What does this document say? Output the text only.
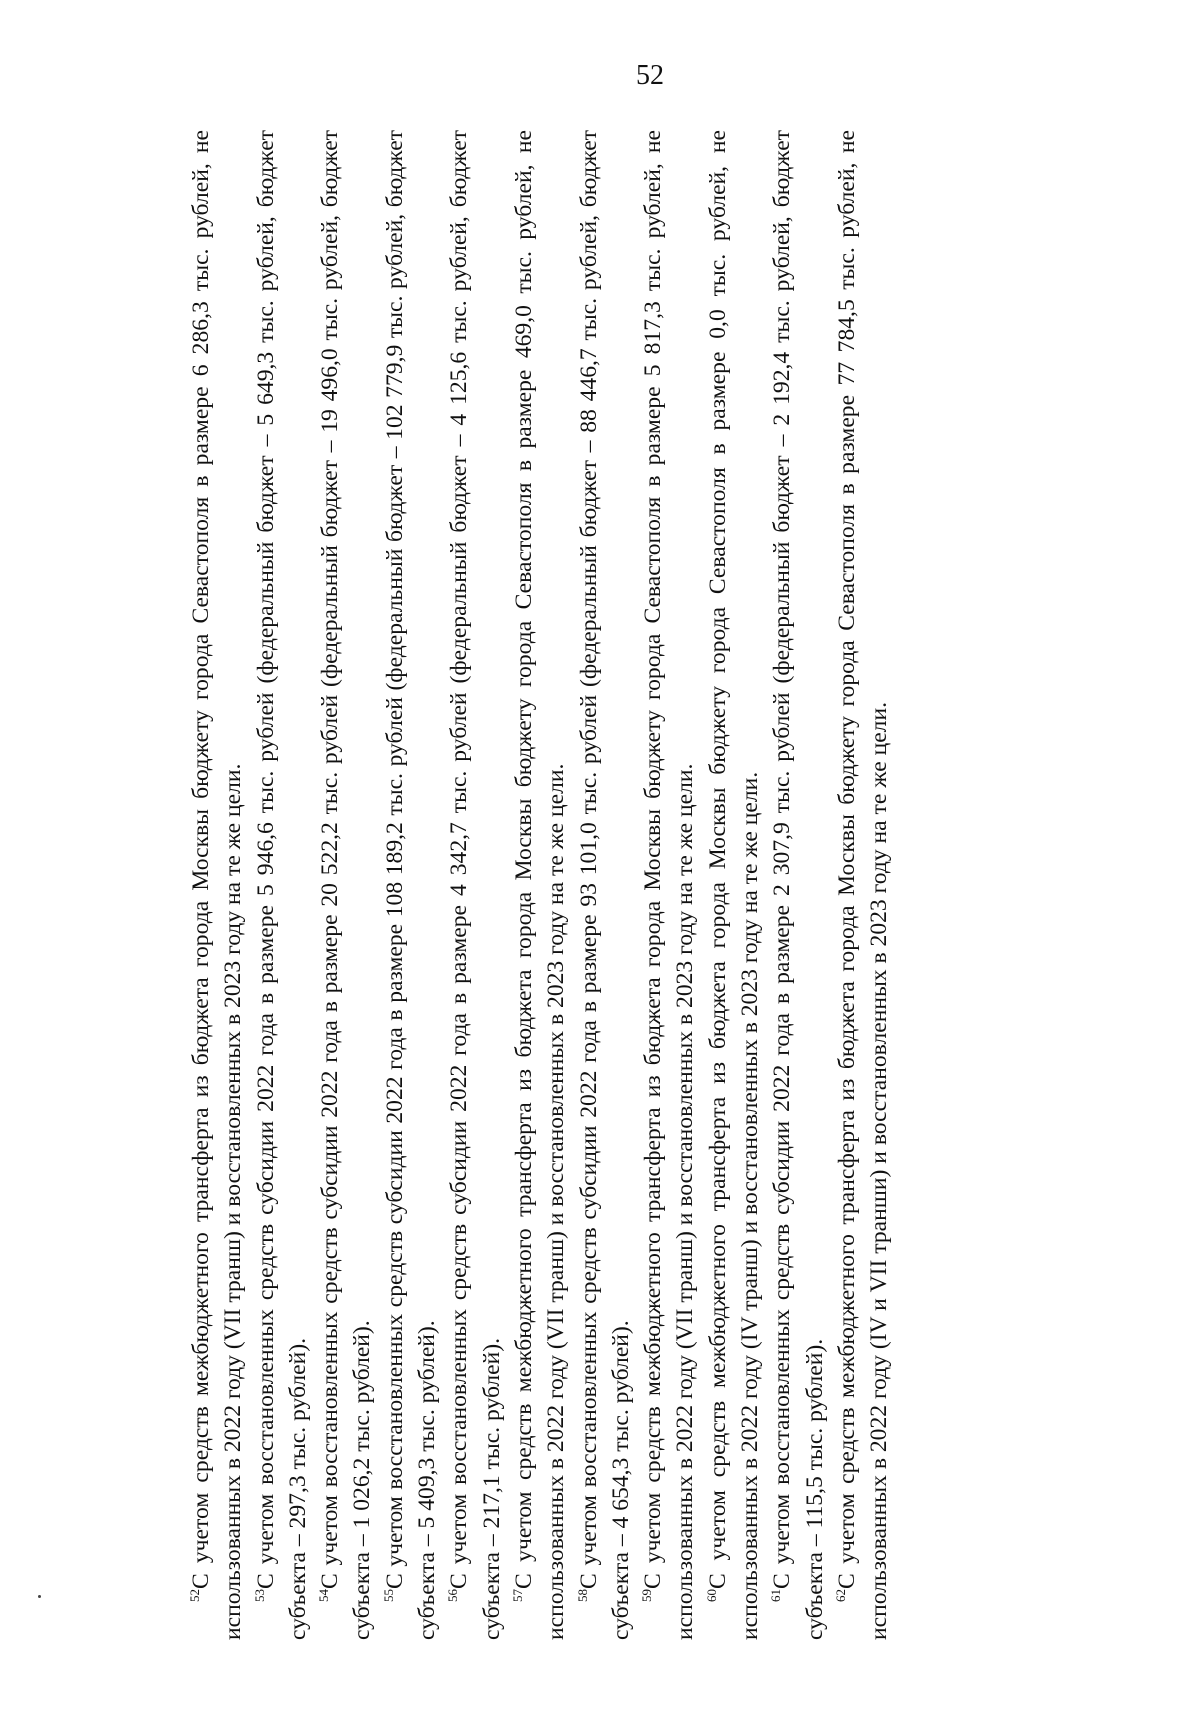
52

$^{52}$С учетом средств межбюджетного трансферта из бюджета города Москвы бюджету города Севастополя в размере 6 286,3 тыс. рублей, не использованных в 2022 году (VII транш) и восстановленных в 2023 году на те же цели. $^{53}$С учетом восстановленных средств субсидии 2022 года в размере 5 946,6 тыс. рублей (федеральный бюджет – 5 649,3 тыс. рублей, бюджет субъекта – 297,3 тыс. рублей). $^{54}$С учетом восстановленных средств субсидии 2022 года в размере 20 522,2 тыс. рублей (федеральный бюджет – 19 496,0 тыс. рублей, бюджет субъекта – 1 026,2 тыс. рублей). $^{55}$С учетом восстановленных средств субсидии 2022 года в размере 108 189,2 тыс. рублей (федеральный бюджет – 102 779,9 тыс. рублей, бюджет субъекта – 5 409,3 тыс. рублей). $^{56}$С учетом восстановленных средств субсидии 2022 года в размере 4 342,7 тыс. рублей (федеральный бюджет – 4 125,6 тыс. рублей, бюджет субъекта – 217,1 тыс. рублей). $^{57}$С учетом средств межбюджетного трансферта из бюджета города Москвы бюджету города Севастополя в размере 469,0 тыс. рублей, не использованных в 2022 году (VII транш) и восстановленных в 2023 году на те же цели. $^{58}$С учетом восстановленных средств субсидии 2022 года в размере 93 101,0 тыс. рублей (федеральный бюджет – 88 446,7 тыс. рублей, бюджет субъекта – 4 654,3 тыс. рублей). $^{59}$С учетом средств межбюджетного трансферта из бюджета города Москвы бюджету города Севастополя в размере 5 817,3 тыс. рублей, не использованных в 2022 году (VII транш) и восстановленных в 2023 году на те же цели. $^{60}$С учетом средств межбюджетного трансферта из бюджета города Москвы бюджету города Севастополя в размере 0,0 тыс. рублей, не использованных в 2022 году (IV транш) и восстановленных в 2023 году на те же цели. $^{61}$С учетом восстановленных средств субсидии 2022 года в размере 2 307,9 тыс. рублей (федеральный бюджет – 2 192,4 тыс. рублей, бюджет субъекта – 115,5 тыс. рублей). $^{62}$С учетом средств межбюджетного трансферта из бюджета города Москвы бюджету города Севастополя в размере 77 784,5 тыс. рублей, не использованных в 2022 году (IV и VII транши) и восстановленных в 2023 году на те же цели.
